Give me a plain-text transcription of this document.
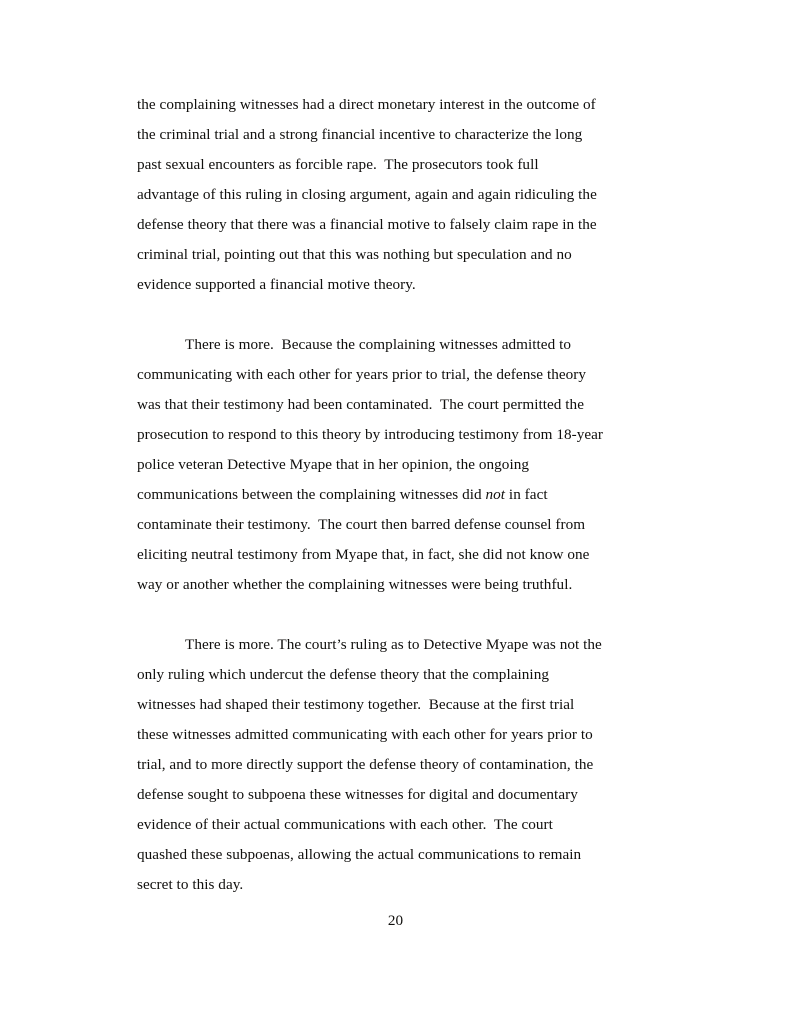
the complaining witnesses had a direct monetary interest in the outcome of
the criminal trial and a strong financial incentive to characterize the long
past sexual encounters as forcible rape.  The prosecutors took full
advantage of this ruling in closing argument, again and again ridiculing the
defense theory that there was a financial motive to falsely claim rape in the
criminal trial, pointing out that this was nothing but speculation and no
evidence supported a financial motive theory.

There is more.  Because the complaining witnesses admitted to
communicating with each other for years prior to trial, the defense theory
was that their testimony had been contaminated.  The court permitted the
prosecution to respond to this theory by introducing testimony from 18-year
police veteran Detective Myape that in her opinion, the ongoing
communications between the complaining witnesses did not in fact
contaminate their testimony.  The court then barred defense counsel from
eliciting neutral testimony from Myape that, in fact, she did not know one
way or another whether the complaining witnesses were being truthful.

There is more. The court’s ruling as to Detective Myape was not the
only ruling which undercut the defense theory that the complaining
witnesses had shaped their testimony together.  Because at the first trial
these witnesses admitted communicating with each other for years prior to
trial, and to more directly support the defense theory of contamination, the
defense sought to subpoena these witnesses for digital and documentary
evidence of their actual communications with each other.  The court
quashed these subpoenas, allowing the actual communications to remain
secret to this day.

20
